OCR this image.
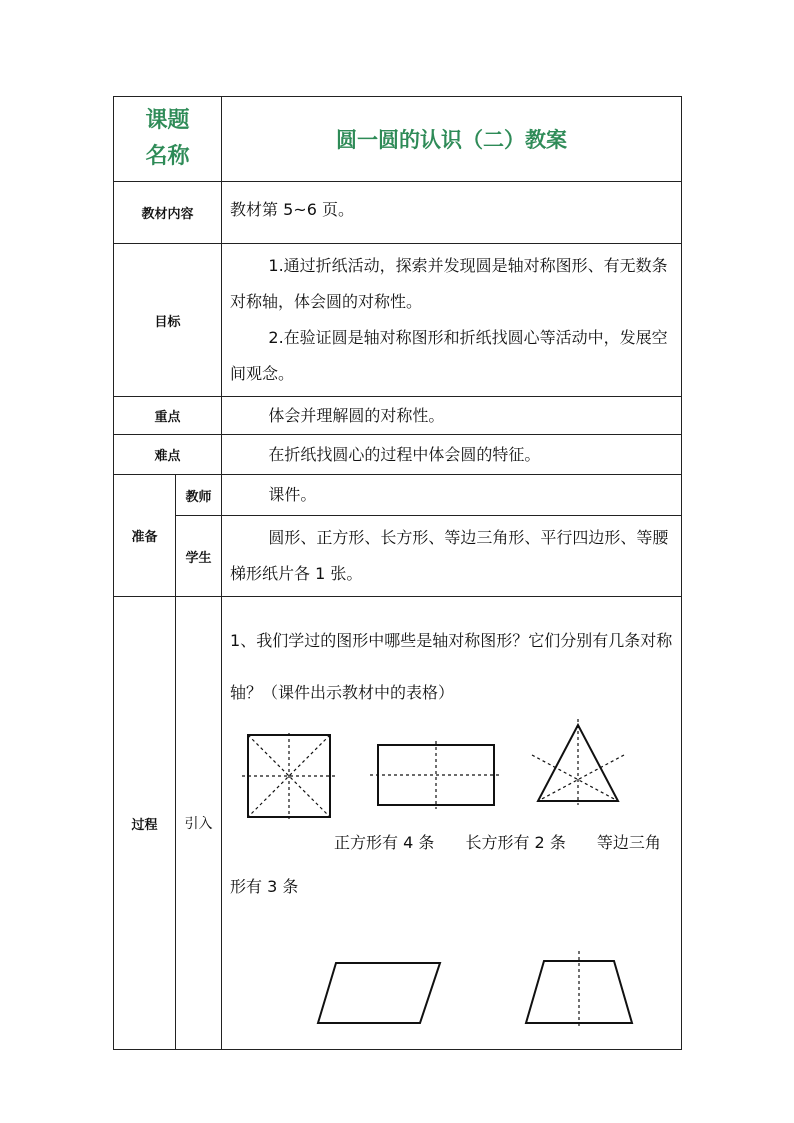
课题
名称		圆一圆的认识（二）教案
教材内容		教材第 5~6 页。
目标		1.通过折纸活动，探索并发现圆是轴对称图形、有无数条对称轴，体会圆的对称性。
2.在验证圆是轴对称图形和折纸找圆心等活动中，发展空间观念。

重点		体会并理解圆的对称性。
难点		在折纸找圆心的过程中体会圆的特征。
准备	教师	课件。
	学生	圆形、正方形、长方形、等边三角形、平行四边形、等腰梯形纸片各 1 张。
过程	引入	1、我们学过的图形中哪些是轴对称图形？它们分别有几条对称轴？（课件出示教材中的表格）

正方形有 4 条 长方形有 2 条 等边三角形有 3 条
